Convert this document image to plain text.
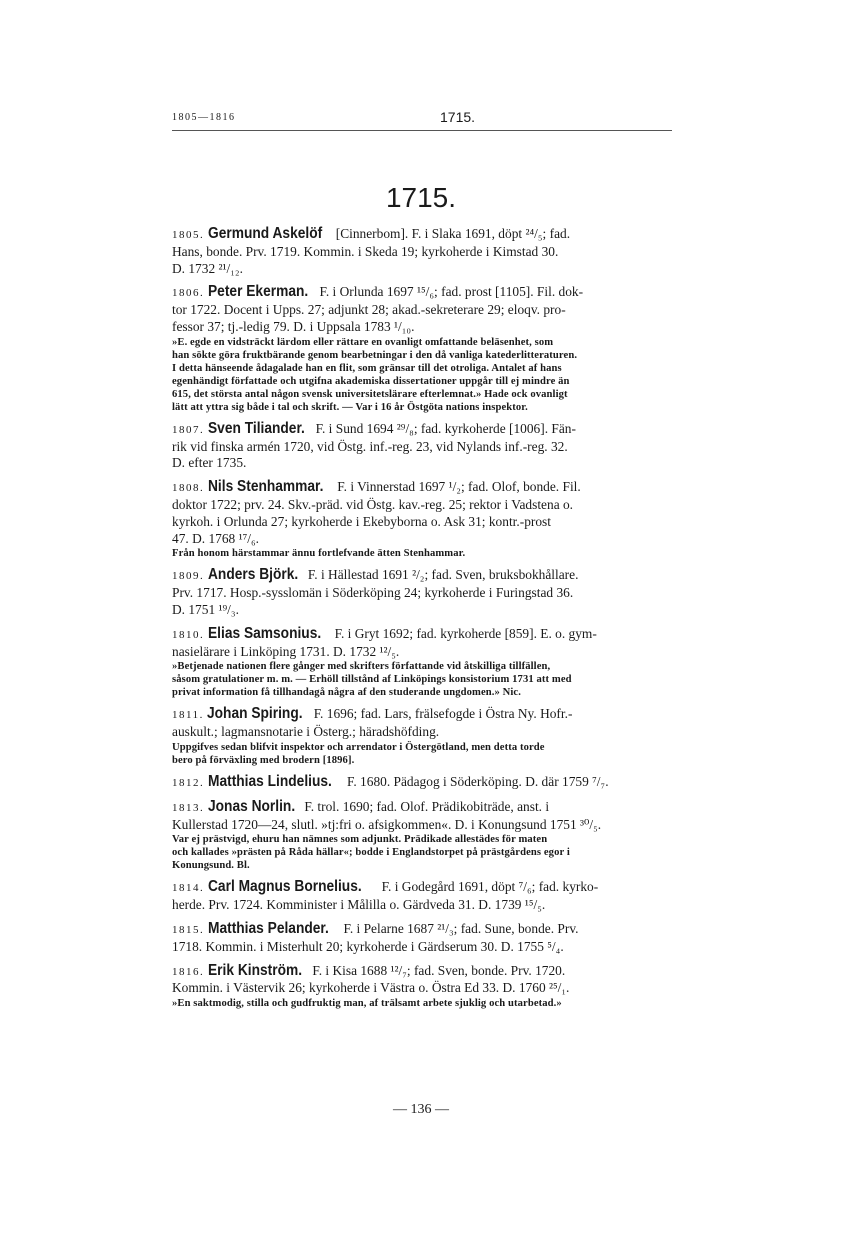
1805—1816	1715.
1715.
1805. Germund Askelöf [Cinnerbom]. F. i Slaka 1691, döpt ²⁴/₅; fad.
Hans, bonde. Prv. 1719. Kommin. i Skeda 19; kyrkoherde i Kimstad 30.
D. 1732 ²¹/₁₂.
1806. Peter Ekerman. F. i Orlunda 1697 ¹⁵/₆; fad. prost [1105]. Fil. dok-
tor 1722. Docent i Upps. 27; adjunkt 28; akad.-sekreterare 29; eloqv. pro-
fessor 37; tj.-ledig 79. D. i Uppsala 1783 ¹/₁₀.
»E. egde en vidsträckt lärdom eller rättare en ovanligt omfattande beläsenhet, som
han sökte göra fruktbärande genom bearbetningar i den då vanliga katederlitteraturen.
I detta hänseende ådagalade han en flit, som gränsar till det otroliga. Antalet af hans
egenhändigt författade och utgifna akademiska dissertationer uppgår till ej mindre än
615, det största antal någon svensk universitetslärare efterlemnat.» Hade ock ovanligt
lätt att yttra sig både i tal och skrift. — Var i 16 år Östgöta nations inspektor.
1807. Sven Tiliander. F. i Sund 1694 ²⁹/₈; fad. kyrkoherde [1006]. Fän-
rik vid finska armén 1720, vid Östg. inf.-reg. 23, vid Nylands inf.-reg. 32.
D. efter 1735.
1808. Nils Stenhammar. F. i Vinnerstad 1697 ¹/₂; fad. Olof, bonde. Fil.
doktor 1722; prv. 24. Skv.-präd. vid Östg. kav.-reg. 25; rektor i Vadstena o.
kyrkoh. i Orlunda 27; kyrkoherde i Ekebyborna o. Ask 31; kontr.-prost
47. D. 1768 ¹⁷/₆.
Från honom härstammar ännu fortlefvande ätten Stenhammar.
1809. Anders Björk. F. i Hällestad 1691 ²/₂; fad. Sven, bruksbokhållare.
Prv. 1717. Hosp.-sysslomän i Söderköping 24; kyrkoherde i Furingstad 36.
D. 1751 ¹⁹/₃.
1810. Elias Samsonius. F. i Gryt 1692; fad. kyrkoherde [859]. E. o. gym-
nasielärare i Linköping 1731. D. 1732 ¹²/₅.
»Betjenade nationen flere gånger med skrifters författande vid åtskilliga tillfällen,
såsom gratulationer m. m. — Erhöll tillstånd af Linköpings konsistorium 1731 att med
privat information få tillhandagå några af den studerande ungdomen.» Nic.
1811. Johan Spiring. F. 1696; fad. Lars, frälsefogde i Östra Ny. Hofr.-
auskult.; lagmansnotarie i Österg.; häradshöfding.
Uppgifves sedan blifvit inspektor och arrendator i Östergötland, men detta torde
bero på förväxling med brodern [1896].
1812. Matthias Lindelius. F. 1680. Pädagog i Söderköping. D. där 1759 ⁷/₇.
1813. Jonas Norlin. F. trol. 1690; fad. Olof. Prädikobiträde, anst. i
Kullerstad 1720—24, slutl. »tj:fri o. afsigkommen«. D. i Konungsund 1751 ³⁰/₅.
Var ej prästvigd, ehuru han nämnes som adjunkt. Prädikade allestädes för maten
och kallades »prästen på Råda hällar«; bodde i Englandstorpet på prästgårdens egor i
Konungsund. Bl.
1814. Carl Magnus Bornelius. F. i Godegård 1691, döpt ⁷/₆; fad. kyrko-
herde. Prv. 1724. Komminister i Målilla o. Gärdveda 31. D. 1739 ¹⁵/₅.
1815. Matthias Pelander. F. i Pelarne 1687 ²¹/₃; fad. Sune, bonde. Prv.
1718. Kommin. i Misterhult 20; kyrkoherde i Gärdserum 30. D. 1755 ⁵/₄.
1816. Erik Kinström. F. i Kisa 1688 ¹²/₇; fad. Sven, bonde. Prv. 1720.
Kommin. i Västervik 26; kyrkoherde i Västra o. Östra Ed 33. D. 1760 ²⁵/₁.
»En saktmodig, stilla och gudfruktig man, af trälsamt arbete sjuklig och utarbetad.»
— 136 —
